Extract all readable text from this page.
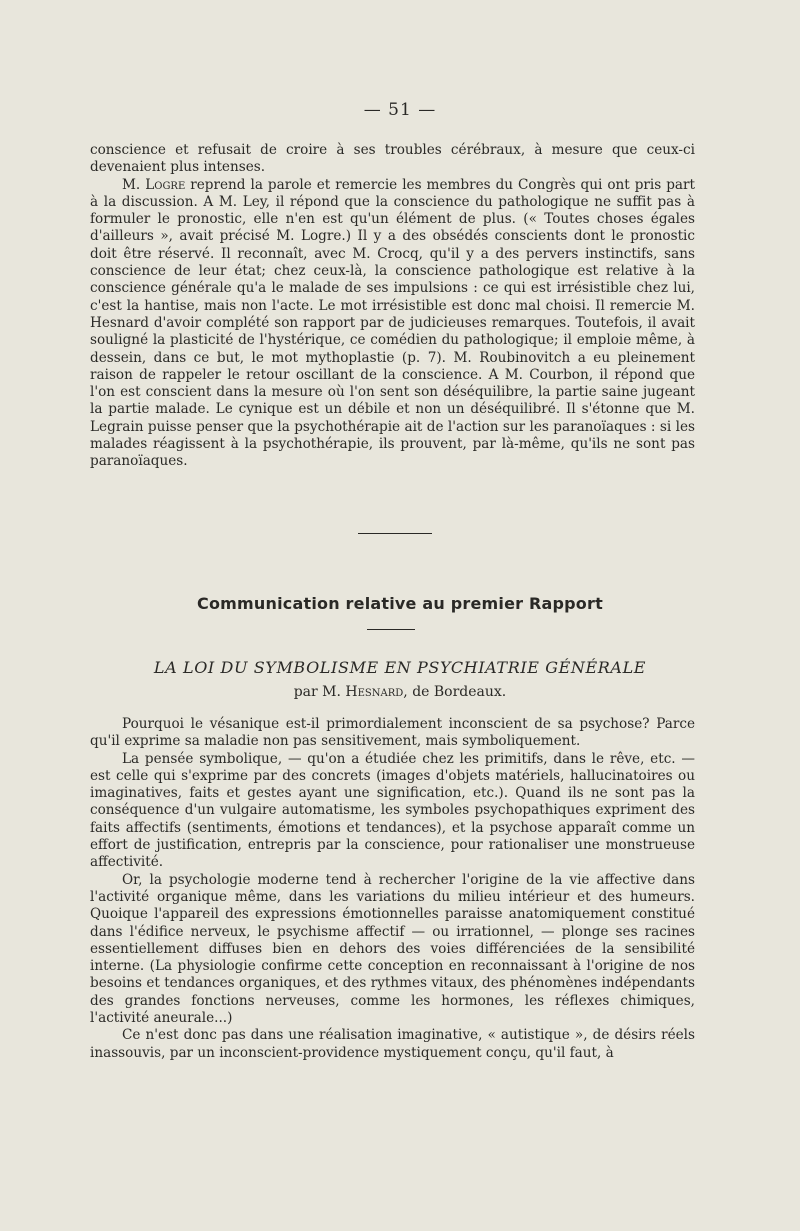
— 51 —

conscience et refusait de croire à ses troubles cérébraux, à mesure que ceux-ci devenaient plus intenses.

M. Logre reprend la parole et remercie les membres du Congrès qui ont pris part à la discussion. A M. Ley, il répond que la conscience du pathologique ne suffit pas à formuler le pronostic, elle n'en est qu'un élément de plus. (« Toutes choses égales d'ailleurs », avait précisé M. Logre.) Il y a des obsédés conscients dont le pronostic doit être réservé. Il reconnaît, avec M. Crocq, qu'il y a des pervers instinctifs, sans conscience de leur état; chez ceux-là, la conscience pathologique est relative à la conscience générale qu'a le malade de ses impulsions : ce qui est irrésistible chez lui, c'est la hantise, mais non l'acte. Le mot irrésistible est donc mal choisi. Il remercie M. Hesnard d'avoir complété son rapport par de judicieuses remarques. Toutefois, il avait souligné la plasticité de l'hystérique, ce comédien du pathologique; il emploie même, à dessein, dans ce but, le mot mythoplastie (p. 7). M. Roubinovitch a eu pleinement raison de rappeler le retour oscillant de la conscience. A M. Courbon, il répond que l'on est conscient dans la mesure où l'on sent son déséquilibre, la partie saine jugeant la partie malade. Le cynique est un débile et non un déséquilibré. Il s'étonne que M. Legrain puisse penser que la psychothérapie ait de l'action sur les paranoïaques : si les malades réagissent à la psychothérapie, ils prouvent, par là-même, qu'ils ne sont pas paranoïaques.

Communication relative au premier Rapport
LA LOI DU SYMBOLISME EN PSYCHIATRIE GÉNÉRALE
par M. Hesnard, de Bordeaux.

Pourquoi le vésanique est-il primordialement inconscient de sa psychose? Parce qu'il exprime sa maladie non pas sensitivement, mais symboliquement.

La pensée symbolique, — qu'on a étudiée chez les primitifs, dans le rêve, etc. — est celle qui s'exprime par des concrets (images d'objets matériels, hallucinatoires ou imaginatives, faits et gestes ayant une signification, etc.). Quand ils ne sont pas la conséquence d'un vulgaire automatisme, les symboles psychopathiques expriment des faits affectifs (sentiments, émotions et tendances), et la psychose apparaît comme un effort de justification, entrepris par la conscience, pour rationaliser une monstrueuse affectivité.

Or, la psychologie moderne tend à rechercher l'origine de la vie affective dans l'activité organique même, dans les variations du milieu intérieur et des humeurs. Quoique l'appareil des expressions émotionnelles paraisse anatomiquement constitué dans l'édifice nerveux, le psychisme affectif — ou irrationnel, — plonge ses racines essentiellement diffuses bien en dehors des voies différenciées de la sensibilité interne. (La physiologie confirme cette conception en reconnaissant à l'origine de nos besoins et tendances organiques, et des rythmes vitaux, des phénomènes indépendants des grandes fonctions nerveuses, comme les hormones, les réflexes chimiques, l'activité aneurale...)

Ce n'est donc pas dans une réalisation imaginative, « autistique », de désirs réels inassouvis, par un inconscient-providence mystiquement conçu, qu'il faut, à
